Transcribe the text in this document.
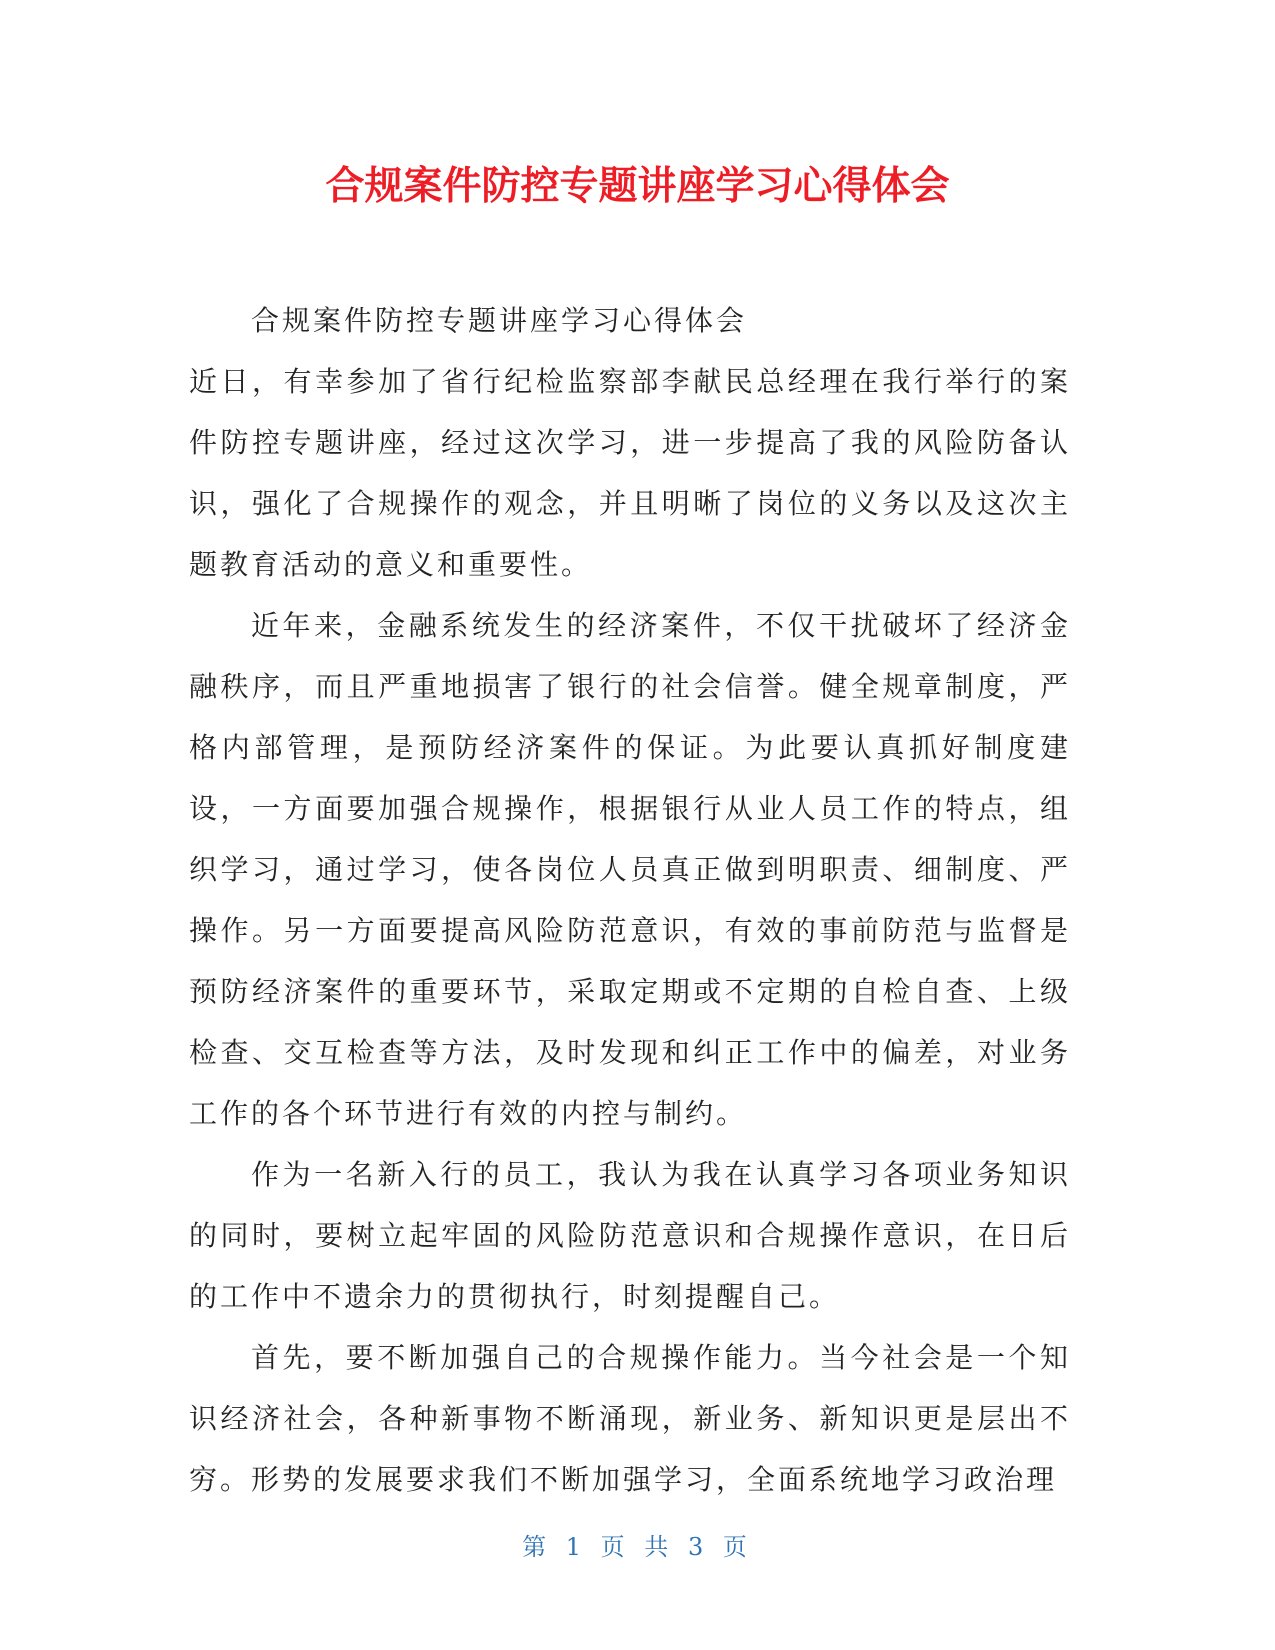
合规案件防控专题讲座学习心得体会

合规案件防控专题讲座学习心得体会

近日，有幸参加了省行纪检监察部李献民总经理在我行举行的案件防控专题讲座，经过这次学习，进一步提高了我的风险防备认识，强化了合规操作的观念，并且明晰了岗位的义务以及这次主题教育活动的意义和重要性。

近年来，金融系统发生的经济案件，不仅干扰破坏了经济金融秩序，而且严重地损害了银行的社会信誉。健全规章制度，严格内部管理，是预防经济案件的保证。为此要认真抓好制度建设，一方面要加强合规操作，根据银行从业人员工作的特点，组织学习，通过学习，使各岗位人员真正做到明职责、细制度、严操作。另一方面要提高风险防范意识，有效的事前防范与监督是预防经济案件的重要环节，采取定期或不定期的自检自查、上级检查、交互检查等方法，及时发现和纠正工作中的偏差，对业务工作的各个环节进行有效的内控与制约。

作为一名新入行的员工，我认为我在认真学习各项业务知识的同时，要树立起牢固的风险防范意识和合规操作意识，在日后的工作中不遗余力的贯彻执行，时刻提醒自己。

首先，要不断加强自己的合规操作能力。当今社会是一个知识经济社会，各种新事物不断涌现，新业务、新知识更是层出不穷。形势的发展要求我们不断加强学习，全面系统地学习政治理

第 1 页 共 3 页
